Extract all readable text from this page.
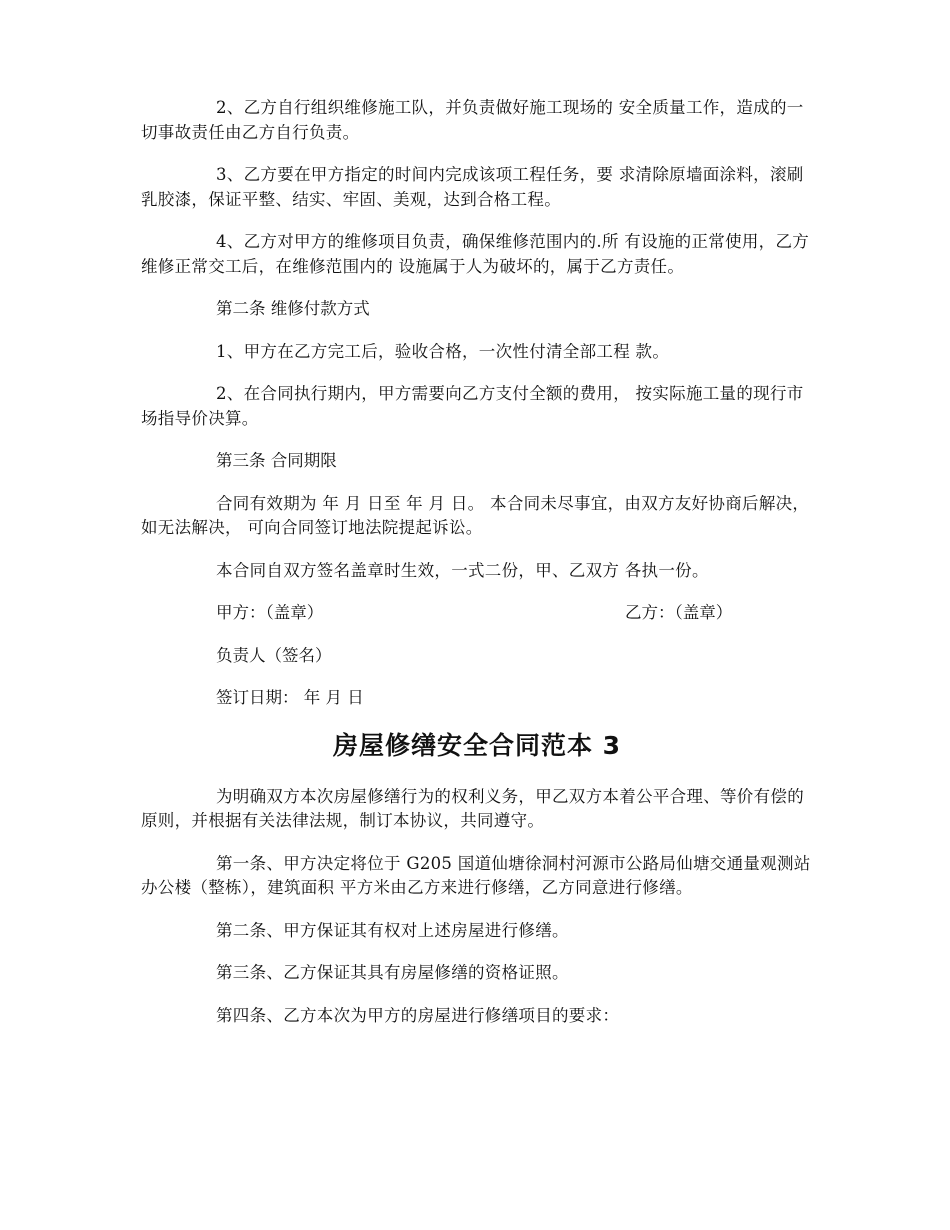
2、乙方自行组织维修施工队，并负责做好施工现场的 安全质量工作，造成的一切事故责任由乙方自行负责。

3、乙方要在甲方指定的时间内完成该项工程任务，要 求清除原墙面涂料，滚刷乳胶漆，保证平整、结实、牢固、美观，达到合格工程。

4、乙方对甲方的维修项目负责，确保维修范围内的.所 有设施的正常使用，乙方维修正常交工后，在维修范围内的 设施属于人为破坏的，属于乙方责任。

第二条 维修付款方式

1、甲方在乙方完工后，验收合格，一次性付清全部工程 款。

2、在合同执行期内，甲方需要向乙方支付全额的费用， 按实际施工量的现行市场指导价决算。

第三条 合同期限

合同有效期为 年 月 日至 年 月 日。 本合同未尽事宜，由双方友好协商后解决，如无法解决， 可向合同签订地法院提起诉讼。

本合同自双方签名盖章时生效，一式二份，甲、乙双方 各执一份。

甲方：（盖章）	乙方：（盖章）

负责人（签名）

签订日期： 年 月 日

房屋修缮安全合同范本 3

为明确双方本次房屋修缮行为的权利义务，甲乙双方本着公平合理、等价有偿的原则，并根据有关法律法规，制订本协议，共同遵守。

第一条、甲方决定将位于 G205 国道仙塘徐洞村河源市公路局仙塘交通量观测站办公楼（整栋），建筑面积 平方米由乙方来进行修缮，乙方同意进行修缮。

第二条、甲方保证其有权对上述房屋进行修缮。

第三条、乙方保证其具有房屋修缮的资格证照。

第四条、乙方本次为甲方的房屋进行修缮项目的要求：
